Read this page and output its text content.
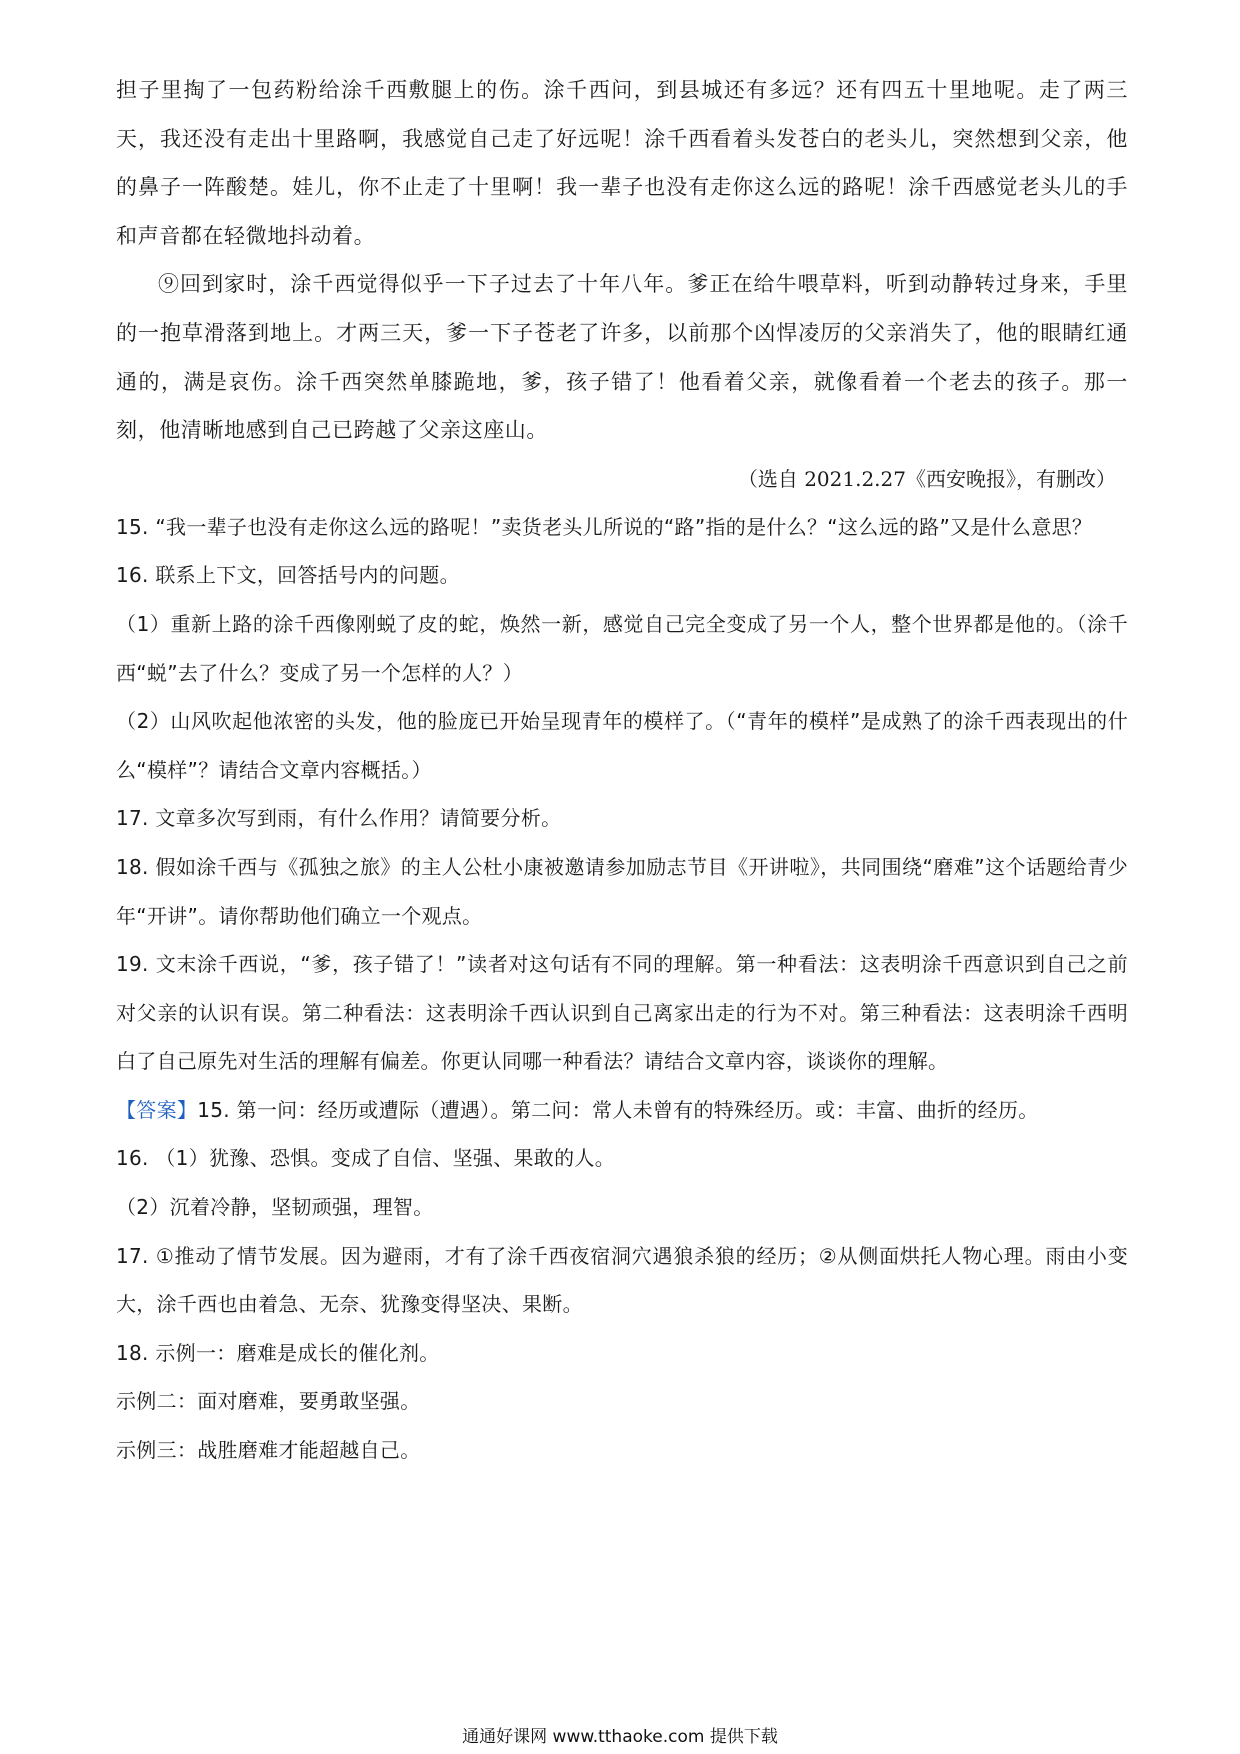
担子里掏了一包药粉给涂千西敷腿上的伤。涂千西问，到县城还有多远？还有四五十里地呢。走了两三天，我还没有走出十里路啊，我感觉自己走了好远呢！涂千西看着头发苍白的老头儿，突然想到父亲，他的鼻子一阵酸楚。娃儿，你不止走了十里啊！我一辈子也没有走你这么远的路呢！涂千西感觉老头儿的手和声音都在轻微地抖动着。

⑨回到家时，涂千西觉得似乎一下子过去了十年八年。爹正在给牛喂草料，听到动静转过身来，手里的一抱草滑落到地上。才两三天，爹一下子苍老了许多，以前那个凶悍凌厉的父亲消失了，他的眼睛红通通的，满是哀伤。涂千西突然单膝跪地，爹，孩子错了！他看着父亲，就像看着一个老去的孩子。那一刻，他清晰地感到自己已跨越了父亲这座山。

（选自 2021.2.27《西安晚报》，有删改）

15. “我一辈子也没有走你这么远的路呢！”卖货老头儿所说的“路”指的是什么？“这么远的路”又是什么意思？

16. 联系上下文，回答括号内的问题。

（1）重新上路的涂千西像刚蜕了皮的蛇，焕然一新，感觉自己完全变成了另一个人，整个世界都是他的。（涂千西“蜕”去了什么？变成了另一个怎样的人？）

（2）山风吹起他浓密的头发，他的脸庞已开始呈现青年的模样了。（“青年的模样”是成熟了的涂千西表现出的什么“模样”？请结合文章内容概括。）

17. 文章多次写到雨，有什么作用？请简要分析。

18. 假如涂千西与《孤独之旅》的主人公杜小康被邀请参加励志节目《开讲啦》，共同围绕“磨难”这个话题给青少年“开讲”。请你帮助他们确立一个观点。

19. 文末涂千西说，“爹，孩子错了！”读者对这句话有不同的理解。第一种看法：这表明涂千西意识到自己之前对父亲的认识有误。第二种看法：这表明涂千西认识到自己离家出走的行为不对。第三种看法：这表明涂千西明白了自己原先对生活的理解有偏差。你更认同哪一种看法？请结合文章内容，谈谈你的理解。

【答案】15. 第一问：经历或遭际（遭遇）。第二问：常人未曾有的特殊经历。或：丰富、曲折的经历。

16. （1）犹豫、恐惧。变成了自信、坚强、果敢的人。

（2）沉着冷静，坚韧顽强，理智。

17. ①推动了情节发展。因为避雨，才有了涂千西夜宿洞穴遇狼杀狼的经历；②从侧面烘托人物心理。雨由小变大，涂千西也由着急、无奈、犹豫变得坚决、果断。

18. 示例一：磨难是成长的催化剂。

示例二：面对磨难，要勇敢坚强。

示例三：战胜磨难才能超越自己。

通通好课网 www.tthaoke.com 提供下载
